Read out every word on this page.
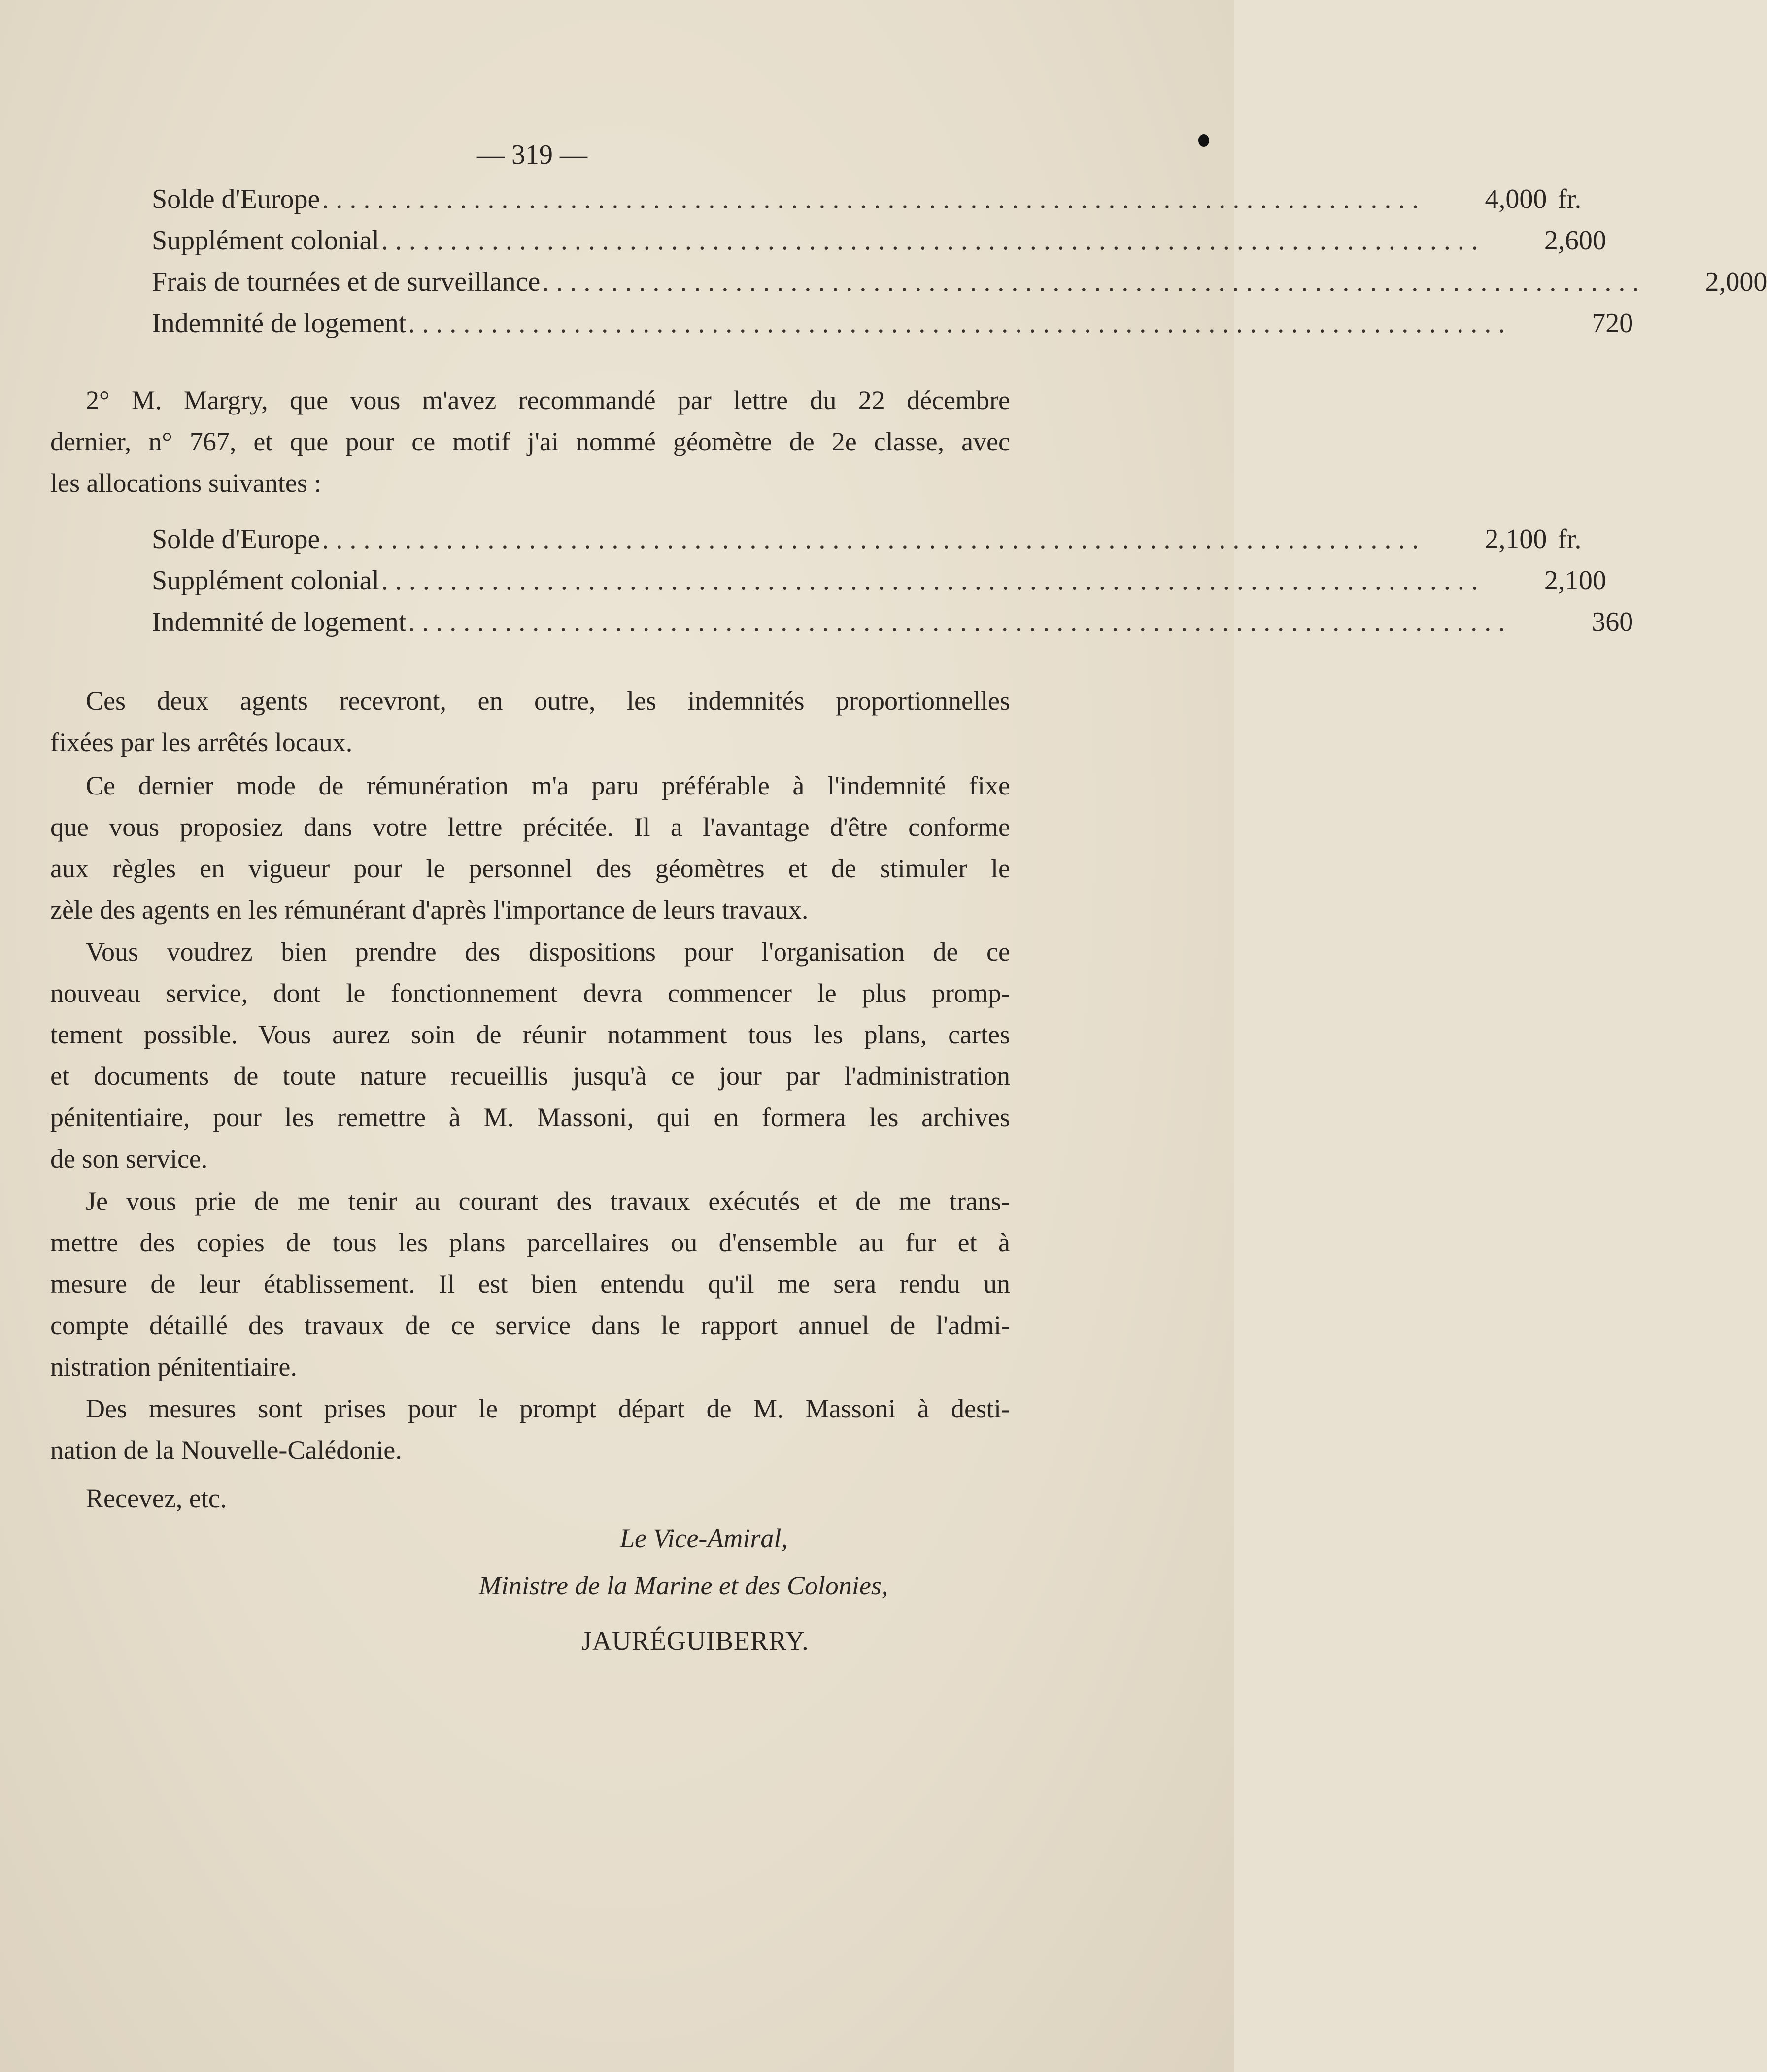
— 319 —
Solde d'Europe ................................................................................	4,000 fr.
Supplément colonial ................................................................................	2,600
Frais de tournées et de surveillance ................................................................................	2,000
Indemnité de logement ................................................................................	720
2° M. Margry, que vous m'avez recommandé par lettre du 22 décembre
dernier, n° 767, et que pour ce motif j'ai nommé géomètre de 2e classe, avec
les allocations suivantes :
Solde d'Europe ................................................................................	2,100 fr.
Supplément colonial ................................................................................	2,100
Indemnité de logement ................................................................................	360
Ces deux agents recevront, en outre, les indemnités proportionnelles
fixées par les arrêtés locaux.
Ce dernier mode de rémunération m'a paru préférable à l'indemnité fixe
que vous proposiez dans votre lettre précitée. Il a l'avantage d'être conforme
aux règles en vigueur pour le personnel des géomètres et de stimuler le
zèle des agents en les rémunérant d'après l'importance de leurs travaux.
Vous voudrez bien prendre des dispositions pour l'organisation de ce
nouveau service, dont le fonctionnement devra commencer le plus promp-
tement possible. Vous aurez soin de réunir notamment tous les plans, cartes
et documents de toute nature recueillis jusqu'à ce jour par l'administration
pénitentiaire, pour les remettre à M. Massoni, qui en formera les archives
de son service.
Je vous prie de me tenir au courant des travaux exécutés et de me trans-
mettre des copies de tous les plans parcellaires ou d'ensemble au fur et à
mesure de leur établissement. Il est bien entendu qu'il me sera rendu un
compte détaillé des travaux de ce service dans le rapport annuel de l'admi-
nistration pénitentiaire.
Des mesures sont prises pour le prompt départ de M. Massoni à desti-
nation de la Nouvelle-Calédonie.
Recevez, etc.
Le Vice-Amiral,
Ministre de la Marine et des Colonies,
JAURÉGUIBERRY.
